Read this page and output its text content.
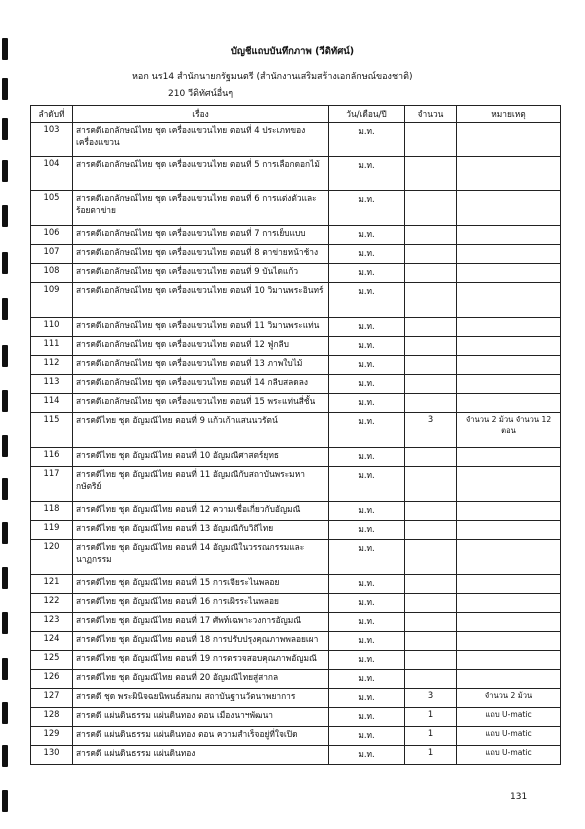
บัญชีแถบบันทึกภาพ (วีดิทัศน์)
หอก นร14 สำนักนายกรัฐมนตรี (สำนักงานเสริมสร้างเอกลักษณ์ของชาติ)
210 วีดิทัศน์อื่นๆ
ลำดับที่	เรื่อง	วัน/เดือน/ปี	จำนวน	หมายเหตุ
103	สารคดีเอกลักษณ์ไทย ชุด เครื่องแขวนไทย ตอนที่ 4 ประเภทของเครื่องแขวน	ม.ท.		
104	สารคดีเอกลักษณ์ไทย ชุด เครื่องแขวนไทย ตอนที่ 5 การเลือกดอกไม้	ม.ท.		
105	สารคดีเอกลักษณ์ไทย ชุด เครื่องแขวนไทย ตอนที่ 6 การแต่งตัวและร้อยตาข่าย	ม.ท.		
106	สารคดีเอกลักษณ์ไทย ชุด เครื่องแขวนไทย ตอนที่ 7 การเย็บแบบ	ม.ท.		
107	สารคดีเอกลักษณ์ไทย ชุด เครื่องแขวนไทย ตอนที่ 8 ตาข่ายหน้าช้าง	ม.ท.		
108	สารคดีเอกลักษณ์ไทย ชุด เครื่องแขวนไทย ตอนที่ 9 บันไดแก้ว	ม.ท.		
109	สารคดีเอกลักษณ์ไทย ชุด เครื่องแขวนไทย ตอนที่ 10 วิมานพระอินทร์	ม.ท.		
110	สารคดีเอกลักษณ์ไทย ชุด เครื่องแขวนไทย ตอนที่ 11 วิมานพระแท่น	ม.ท.		
111	สารคดีเอกลักษณ์ไทย ชุด เครื่องแขวนไทย ตอนที่ 12 ฟู่กลีบ	ม.ท.		
112	สารคดีเอกลักษณ์ไทย ชุด เครื่องแขวนไทย ตอนที่ 13 ภาพใบไม้	ม.ท.		
113	สารคดีเอกลักษณ์ไทย ชุด เครื่องแขวนไทย ตอนที่ 14 กลีบสลดลง	ม.ท.		
114	สารคดีเอกลักษณ์ไทย ชุด เครื่องแขวนไทย ตอนที่ 15 พระแท่นสี่ชั้น	ม.ท.		
115	สารคดีไทย ชุด อัญมณีไทย ตอนที่ 9 แก้วเก้าแสนนวรัตน์	ม.ท.	3	จำนวน 2 ม้วน จำนวน 12 ตอน
116	สารคดีไทย ชุด อัญมณีไทย ตอนที่ 10 อัญมณีศาสตร์ยุทธ	ม.ท.		
117	สารคดีไทย ชุด อัญมณีไทย ตอนที่ 11 อัญมณีกับสถาบันพระมหากษัตริย์	ม.ท.		
118	สารคดีไทย ชุด อัญมณีไทย ตอนที่ 12 ความเชื่อเกี่ยวกับอัญมณี	ม.ท.		
119	สารคดีไทย ชุด อัญมณีไทย ตอนที่ 13 อัญมณีกับวิถีไทย	ม.ท.		
120	สารคดีไทย ชุด อัญมณีไทย ตอนที่ 14 อัญมณีในวรรณกรรมและนาฏกรรม	ม.ท.		
121	สารคดีไทย ชุด อัญมณีไทย ตอนที่ 15 การเจียระไนพลอย	ม.ท.		
122	สารคดีไทย ชุด อัญมณีไทย ตอนที่ 16 การเผิรระไนพลอย	ม.ท.		
123	สารคดีไทย ชุด อัญมณีไทย ตอนที่ 17 ศัพท์เฉพาะวงการอัญมณี	ม.ท.		
124	สารคดีไทย ชุด อัญมณีไทย ตอนที่ 18 การปรับปรุงคุณภาพพลอยเผา	ม.ท.		
125	สารคดีไทย ชุด อัญมณีไทย ตอนที่ 19 การตรวจสอบคุณภาพอัญมณี	ม.ท.		
126	สารคดีไทย ชุด อัญมณีไทย ตอนที่ 20 อัญมณีไทยสู่สากล	ม.ท.		
127	สารคดี ชุด พระผินิจฉยนิพนธ์สมกม สถาบันฐานวัตนาพยาการ	ม.ท.	3	จำนวน 2 ม้วน
128	สารคดี แผ่นดินธรรม แผ่นดินทอง ตอน เมืองนาฯพัฒนา	ม.ท.	1	แถบ U-matic
129	สารคดี แผ่นดินธรรม แผ่นดินทอง ตอน ความสำเร็จอยู่ที่ใจเปิด	ม.ท.	1	แถบ U-matic
130	สารคดี แผ่นดินธรรม แผ่นดินทอง	ม.ท.	1	แถบ U-matic
131
